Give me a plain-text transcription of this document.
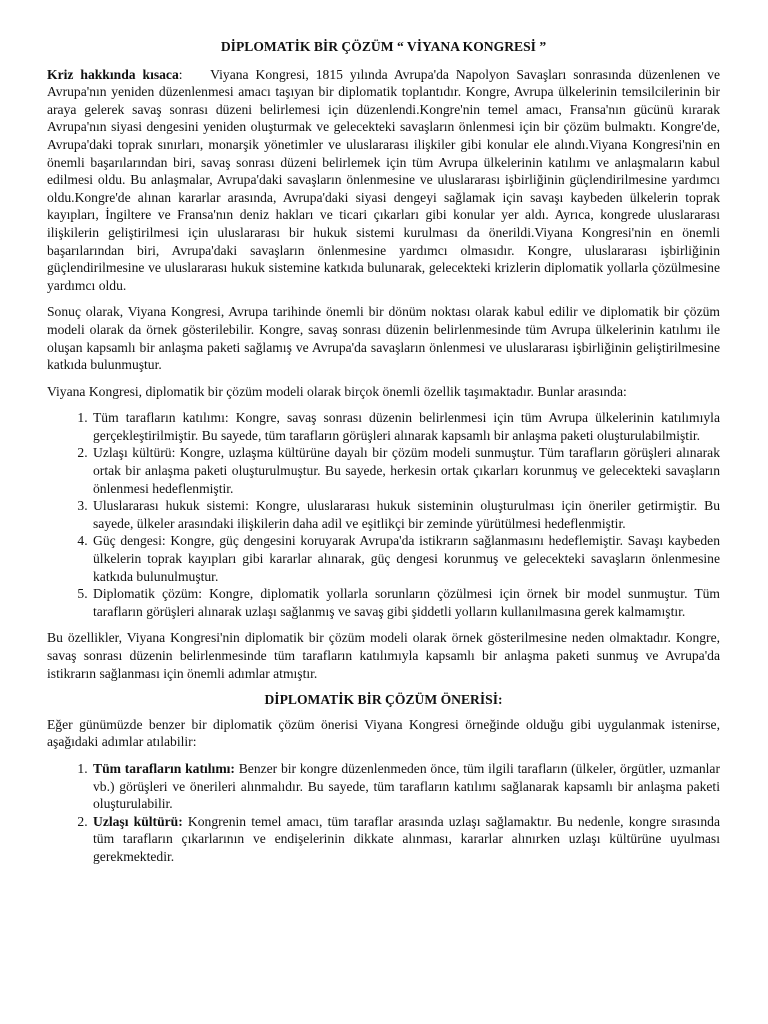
DİPLOMATİK BİR ÇÖZÜM “ VİYANA KONGRESİ ”

Kriz hakkında kısaca: Viyana Kongresi, 1815 yılında Avrupa'da Napolyon Savaşları sonrasında düzenlenen ve Avrupa'nın yeniden düzenlenmesi amacı taşıyan bir diplomatik toplantıdır. Kongre, Avrupa ülkelerinin temsilcilerinin bir araya gelerek savaş sonrası düzeni belirlemesi için düzenlendi.Kongre'nin temel amacı, Fransa'nın gücünü kırarak Avrupa'nın siyasi dengesini yeniden oluşturmak ve gelecekteki savaşların önlenmesi için bir çözüm bulmaktı. Kongre'de, Avrupa'daki toprak sınırları, monarşik yönetimler ve uluslararası ilişkiler gibi konular ele alındı.Viyana Kongresi'nin en önemli başarılarından biri, savaş sonrası düzeni belirlemek için tüm Avrupa ülkelerinin katılımı ve anlaşmaların kabul edilmesi oldu. Bu anlaşmalar, Avrupa'daki savaşların önlenmesine ve uluslararası işbirliğinin güçlendirilmesine yardımcı oldu.Kongre'de alınan kararlar arasında, Avrupa'daki siyasi dengeyi sağlamak için savaşı kaybeden ülkelerin toprak kayıpları, İngiltere ve Fransa'nın deniz hakları ve ticari çıkarları gibi konular yer aldı. Ayrıca, kongrede uluslararası ilişkilerin geliştirilmesi için uluslararası bir hukuk sistemi kurulması da önerildi.Viyana Kongresi'nin en önemli başarılarından biri, Avrupa'daki savaşların önlenmesine yardımcı olmasıdır. Kongre, uluslararası işbirliğinin güçlendirilmesine ve uluslararası hukuk sistemine katkıda bulunarak, gelecekteki krizlerin diplomatik yollarla çözülmesine yardımcı oldu.

Sonuç olarak, Viyana Kongresi, Avrupa tarihinde önemli bir dönüm noktası olarak kabul edilir ve diplomatik bir çözüm modeli olarak da örnek gösterilebilir. Kongre, savaş sonrası düzenin belirlenmesinde tüm Avrupa ülkelerinin katılımı ile oluşan kapsamlı bir anlaşma paketi sağlamış ve Avrupa'da savaşların önlenmesi ve uluslararası işbirliğinin geliştirilmesine katkıda bulunmuştur.

Viyana Kongresi, diplomatik bir çözüm modeli olarak birçok önemli özellik taşımaktadır. Bunlar arasında:

1. Tüm tarafların katılımı: Kongre, savaş sonrası düzenin belirlenmesi için tüm Avrupa ülkelerinin katılımıyla gerçekleştirilmiştir. Bu sayede, tüm tarafların görüşleri alınarak kapsamlı bir anlaşma paketi oluşturulabilmiştir.
2. Uzlaşı kültürü: Kongre, uzlaşma kültürüne dayalı bir çözüm modeli sunmuştur. Tüm tarafların görüşleri alınarak ortak bir anlaşma paketi oluşturulmuştur. Bu sayede, herkesin ortak çıkarları korunmuş ve gelecekteki savaşların önlenmesi hedeflenmiştir.
3. Uluslararası hukuk sistemi: Kongre, uluslararası hukuk sisteminin oluşturulması için öneriler getirmiştir. Bu sayede, ülkeler arasındaki ilişkilerin daha adil ve eşitlikçi bir zeminde yürütülmesi hedeflenmiştir.
4. Güç dengesi: Kongre, güç dengesini koruyarak Avrupa'da istikrarın sağlanmasını hedeflemiştir. Savaşı kaybeden ülkelerin toprak kayıpları gibi kararlar alınarak, güç dengesi korunmuş ve gelecekteki savaşların önlenmesine katkıda bulunulmuştur.
5. Diplomatik çözüm: Kongre, diplomatik yollarla sorunların çözülmesi için örnek bir model sunmuştur. Tüm tarafların görüşleri alınarak uzlaşı sağlanmış ve savaş gibi şiddetli yolların kullanılmasına gerek kalmamıştır.

Bu özellikler, Viyana Kongresi'nin diplomatik bir çözüm modeli olarak örnek gösterilmesine neden olmaktadır. Kongre, savaş sonrası düzenin belirlenmesinde tüm tarafların katılımıyla kapsamlı bir anlaşma paketi sunmuş ve Avrupa'da istikrarın sağlanması için önemli adımlar atmıştır.

DİPLOMATİK BİR ÇÖZÜM ÖNERİSİ:

Eğer günümüzde benzer bir diplomatik çözüm önerisi Viyana Kongresi örneğinde olduğu gibi uygulanmak istenirse, aşağıdaki adımlar atılabilir:

1. Tüm tarafların katılımı: Benzer bir kongre düzenlenmeden önce, tüm ilgili tarafların (ülkeler, örgütler, uzmanlar vb.) görüşleri ve önerileri alınmalıdır. Bu sayede, tüm tarafların katılımı sağlanarak kapsamlı bir anlaşma paketi oluşturulabilir.
2. Uzlaşı kültürü: Kongrenin temel amacı, tüm taraflar arasında uzlaşı sağlamaktır. Bu nedenle, kongre sırasında tüm tarafların çıkarlarının ve endişelerinin dikkate alınması, kararlar alınırken uzlaşı kültürüne uyulması gerekmektedir.
